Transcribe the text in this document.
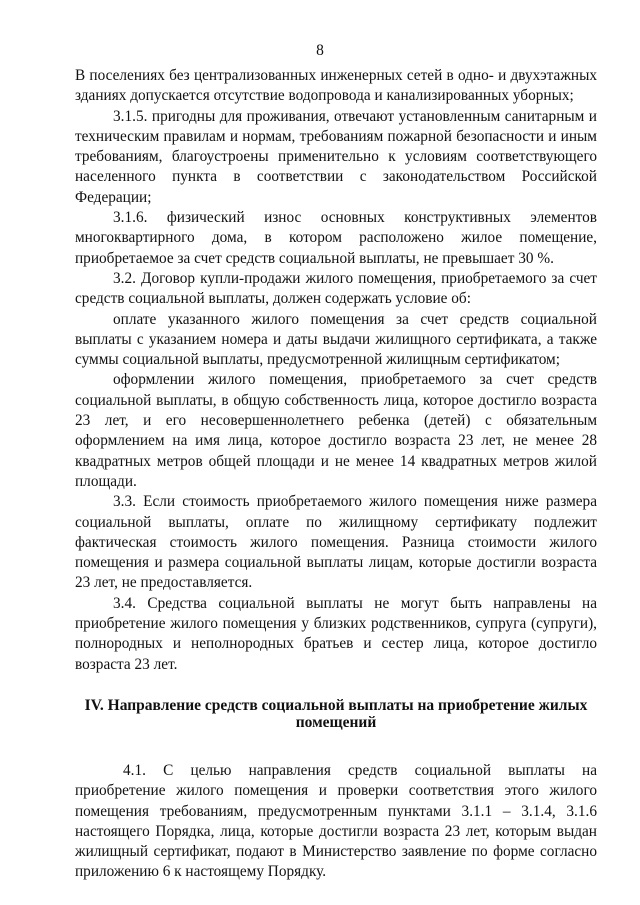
8

В поселениях без централизованных инженерных сетей в одно- и двухэтажных зданиях допускается отсутствие водопровода и канализированных уборных;

3.1.5. пригодны для проживания, отвечают установленным санитарным и техническим правилам и нормам, требованиям пожарной безопасности и иным требованиям, благоустроены применительно к условиям соответствующего населенного пункта в соответствии с законодательством Российской Федерации;

3.1.6. физический износ основных конструктивных элементов многоквартирного дома, в котором расположено жилое помещение, приобретаемое за счет средств социальной выплаты, не превышает 30 %.

3.2. Договор купли-продажи жилого помещения, приобретаемого за счет средств социальной выплаты, должен содержать условие об:

оплате указанного жилого помещения за счет средств социальной выплаты с указанием номера и даты выдачи жилищного сертификата, а также суммы социальной выплаты, предусмотренной жилищным сертификатом;

оформлении жилого помещения, приобретаемого за счет средств социальной выплаты, в общую собственность лица, которое достигло возраста 23 лет, и его несовершеннолетнего ребенка (детей) с обязательным оформлением на имя лица, которое достигло возраста 23 лет, не менее 28 квадратных метров общей площади и не менее 14 квадратных метров жилой площади.

3.3. Если стоимость приобретаемого жилого помещения ниже размера социальной выплаты, оплате по жилищному сертификату подлежит фактическая стоимость жилого помещения. Разница стоимости жилого помещения и размера социальной выплаты лицам, которые достигли возраста 23 лет, не предоставляется.

3.4. Средства социальной выплаты не могут быть направлены на приобретение жилого помещения у близких родственников, супруга (супруги), полнородных и неполнородных братьев и сестер лица, которое достигло возраста 23 лет.

IV. Направление средств социальной выплаты на приобретение жилых помещений

4.1. С целью направления средств социальной выплаты на приобретение жилого помещения и проверки соответствия этого жилого помещения требованиям, предусмотренным пунктами 3.1.1 – 3.1.4, 3.1.6 настоящего Порядка, лица, которые достигли возраста 23 лет, которым выдан жилищный сертификат, подают в Министерство заявление по форме согласно приложению 6 к настоящему Порядку.
